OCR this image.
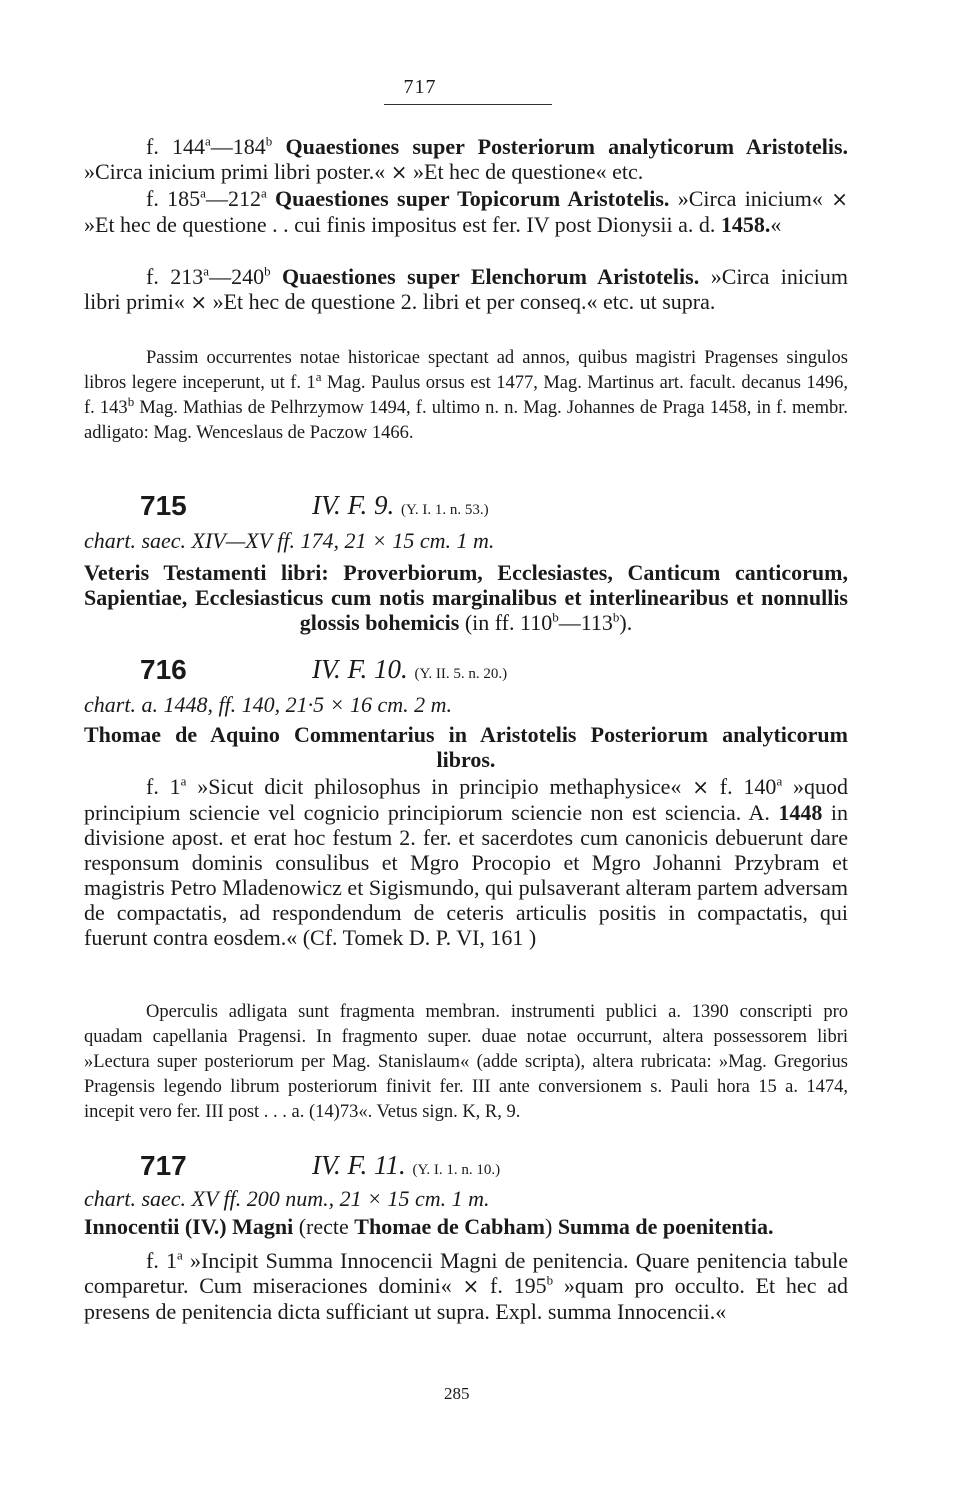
717

f. 144$^a$—184$^b$ Quaestiones super Posteriorum analyticorum Aristotelis. »Circa inicium primi libri poster.« × »Et hec de questione« etc.

f. 185$^a$—212$^a$ Quaestiones super Topicorum Aristotelis. »Circa inicium« × »Et hec de questione . . cui finis impositus est fer. IV post Dionysii a. d. 1458.«

f. 213$^a$—240$^b$ Quaestiones super Elenchorum Aristotelis. »Circa inicium libri primi« × »Et hec de questione 2. libri et per conseq.« etc. ut supra.

Passim occurrentes notae historicae spectant ad annos, quibus magistri Pragenses singulos libros legere inceperunt, ut f. 1$^a$ Mag. Paulus orsus est 1477, Mag. Martinus art. facult. decanus 1496, f. 143$^b$ Mag. Mathias de Pelhrzymow 1494, f. ultimo n. n. Mag. Johannes de Praga 1458, in f. membr. adligato: Mag. Wenceslaus de Paczow 1466.

715	IV. F. 9. (Y. I. 1. n. 53.)
chart. saec. XIV—XV ff. 174, 21 × 15 cm. 1 m.

Veteris Testamenti libri: Proverbiorum, Ecclesiastes, Canticum canticorum, Sapientiae, Ecclesiasticus cum notis marginalibus et interlinearibus et nonnullis glossis bohemicis (in ff. 110$^b$—113$^b$).

716	IV. F. 10. (Y. II. 5. n. 20.)
chart. a. 1448, ff. 140, 21·5 × 16 cm. 2 m.

Thomae de Aquino Commentarius in Aristotelis Posteriorum analyticorum libros.

f. 1$^a$ »Sicut dicit philosophus in principio methaphysice« × f. 140$^a$ »quod principium sciencie vel cognicio principiorum sciencie non est sciencia. A. 1448 in divisione apost. et erat hoc festum 2. fer. et sacerdotes cum canonicis debuerunt dare responsum dominis consulibus et Mgro Procopio et Mgro Johanni Przybram et magistris Petro Mladenowicz et Sigismundo, qui pulsaverant alteram partem adversam de compactatis, ad respondendum de ceteris articulis positis in compactatis, qui fuerunt contra eosdem.« (Cf. Tomek D. P. VI, 161 )

Operculis adligata sunt fragmenta membran. instrumenti publici a. 1390 conscripti pro quadam capellania Pragensi. In fragmento super. duae notae occurrunt, altera possessorem libri »Lectura super posteriorum per Mag. Stanislaum« (adde scripta), altera rubricata: »Mag. Gregorius Pragensis legendo librum posteriorum finivit fer. III ante conversionem s. Pauli hora 15 a. 1474, incepit vero fer. III post . . . a. (14)73«. Vetus sign. K, R, 9.

717	IV. F. 11. (Y. I. 1. n. 10.)
chart. saec. XV ff. 200 num., 21 × 15 cm. 1 m.

Innocentii (IV.) Magni (recte Thomae de Cabham) Summa de poenitentia.

f. 1$^a$ »Incipit Summa Innocencii Magni de penitencia. Quare penitencia tabule comparetur. Cum miseraciones domini« × f. 195$^b$ »quam pro occulto. Et hec ad presens de penitencia dicta sufficiant ut supra. Expl. summa Innocencii.«

285
